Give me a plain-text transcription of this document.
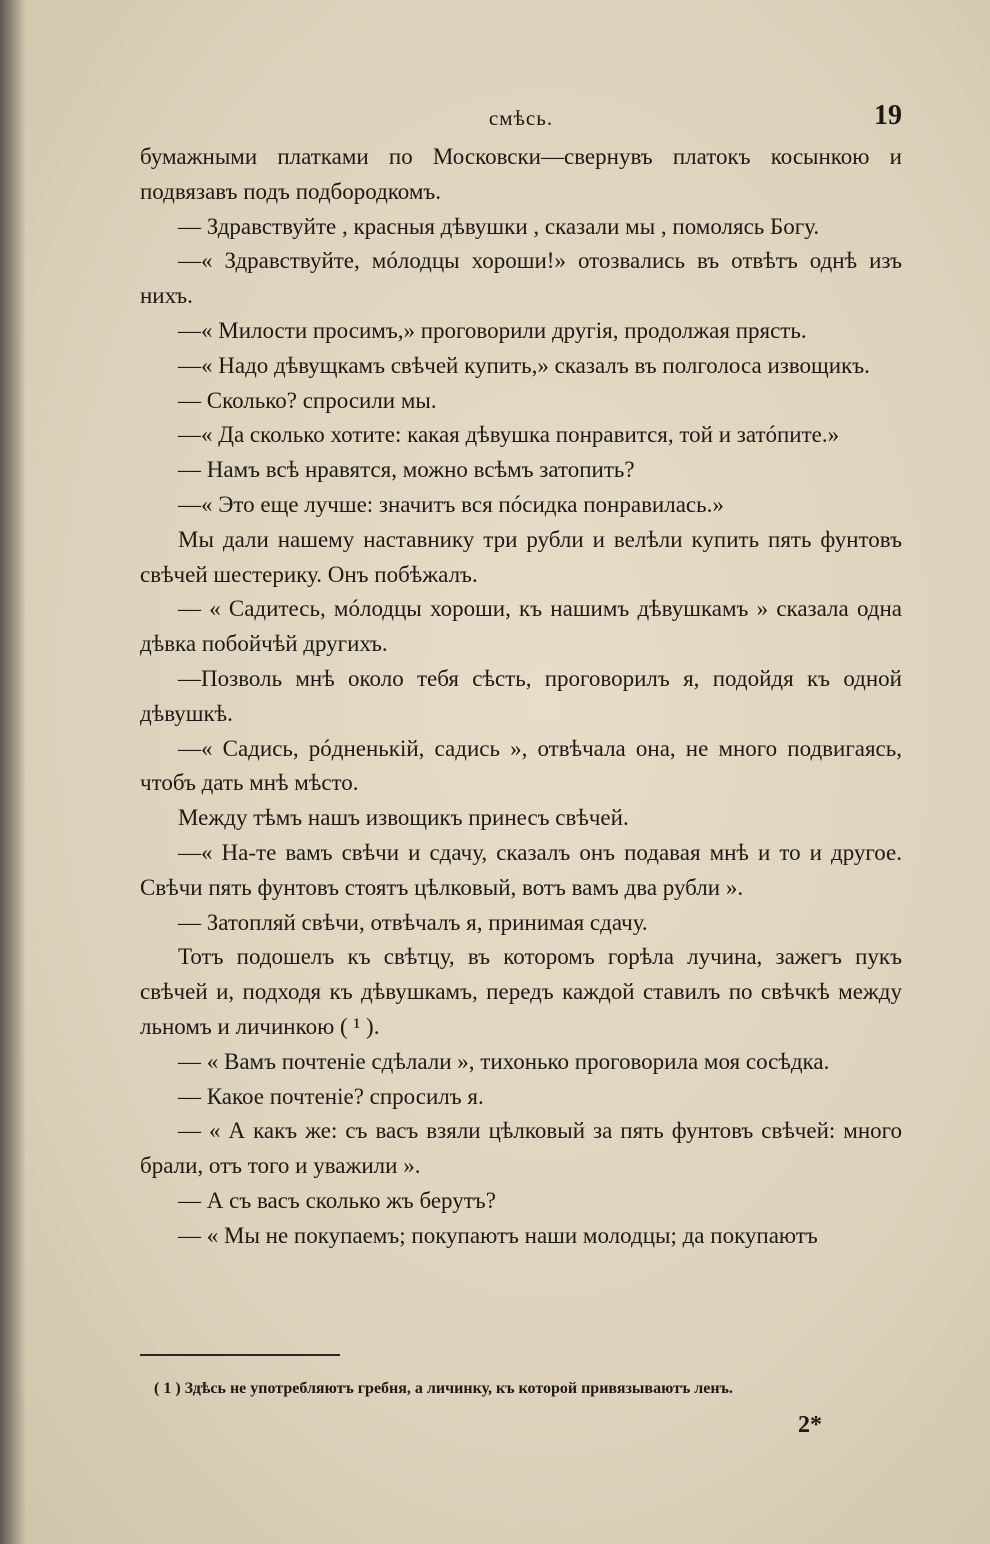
смѣсь.	19

бумажными платками по Московски—свернувъ платокъ косынкою и подвязавъ подъ подбородкомъ.

— Здравствуйте , красныя дѣвушки , сказали мы , помолясь Богу.

—« Здравствуйте, мóлодцы хороши!» отозвались въ отвѣтъ однѣ изъ нихъ.

—« Милости просимъ,» проговорили другія, продолжая прясть.

—« Надо дѣвущкамъ свѣчей купить,» сказалъ въ полголоса извощикъ.

— Сколько? спросили мы.

—« Да сколько хотите: какая дѣвушка понравится, той и затóпите.»

— Намъ всѣ нравятся, можно всѣмъ затопить?

—« Это еще лучше: значитъ вся пóсидка понравилась.»

Мы дали нашему наставнику три рубли и велѣли купить пять фунтовъ свѣчей шестерику. Онъ побѣжалъ.

— « Садитесь, мóлодцы хороши, къ нашимъ дѣвушкамъ » сказала одна дѣвка побойчѣй другихъ.

—Позволь мнѣ около тебя сѣсть, проговорилъ я, подойдя къ одной дѣвушкѣ.

—« Садись, рóдненькій, садись », отвѣчала она, не много подвигаясь, чтобъ дать мнѣ мѣсто.

Между тѣмъ нашъ извощикъ принесъ свѣчей.

—« На-те вамъ свѣчи и сдачу, сказалъ онъ подавая мнѣ и то и другое. Свѣчи пять фунтовъ стоятъ цѣлковый, вотъ вамъ два рубли ».

— Затопляй свѣчи, отвѣчалъ я, принимая сдачу.

Тотъ подошелъ къ свѣтцу, въ которомъ горѣла лучина, зажегъ пукъ свѣчей и, подходя къ дѣвушкамъ, передъ каждой ставилъ по свѣчкѣ между льномъ и личинкою ( ¹ ).

— « Вамъ почтеніе сдѣлали », тихонько проговорила моя сосѣдка.

— Какое почтеніе? спросилъ я.

— « А какъ же: съ васъ взяли цѣлковый за пять фунтовъ свѣчей: много брали, отъ того и уважили ».

— А съ васъ сколько жъ берутъ?

— « Мы не покупаемъ; покупаютъ наши молодцы; да покупаютъ

( 1 ) Здѣсь не употребляютъ гребня, а личинку, къ которой привязываютъ ленъ.
2*
